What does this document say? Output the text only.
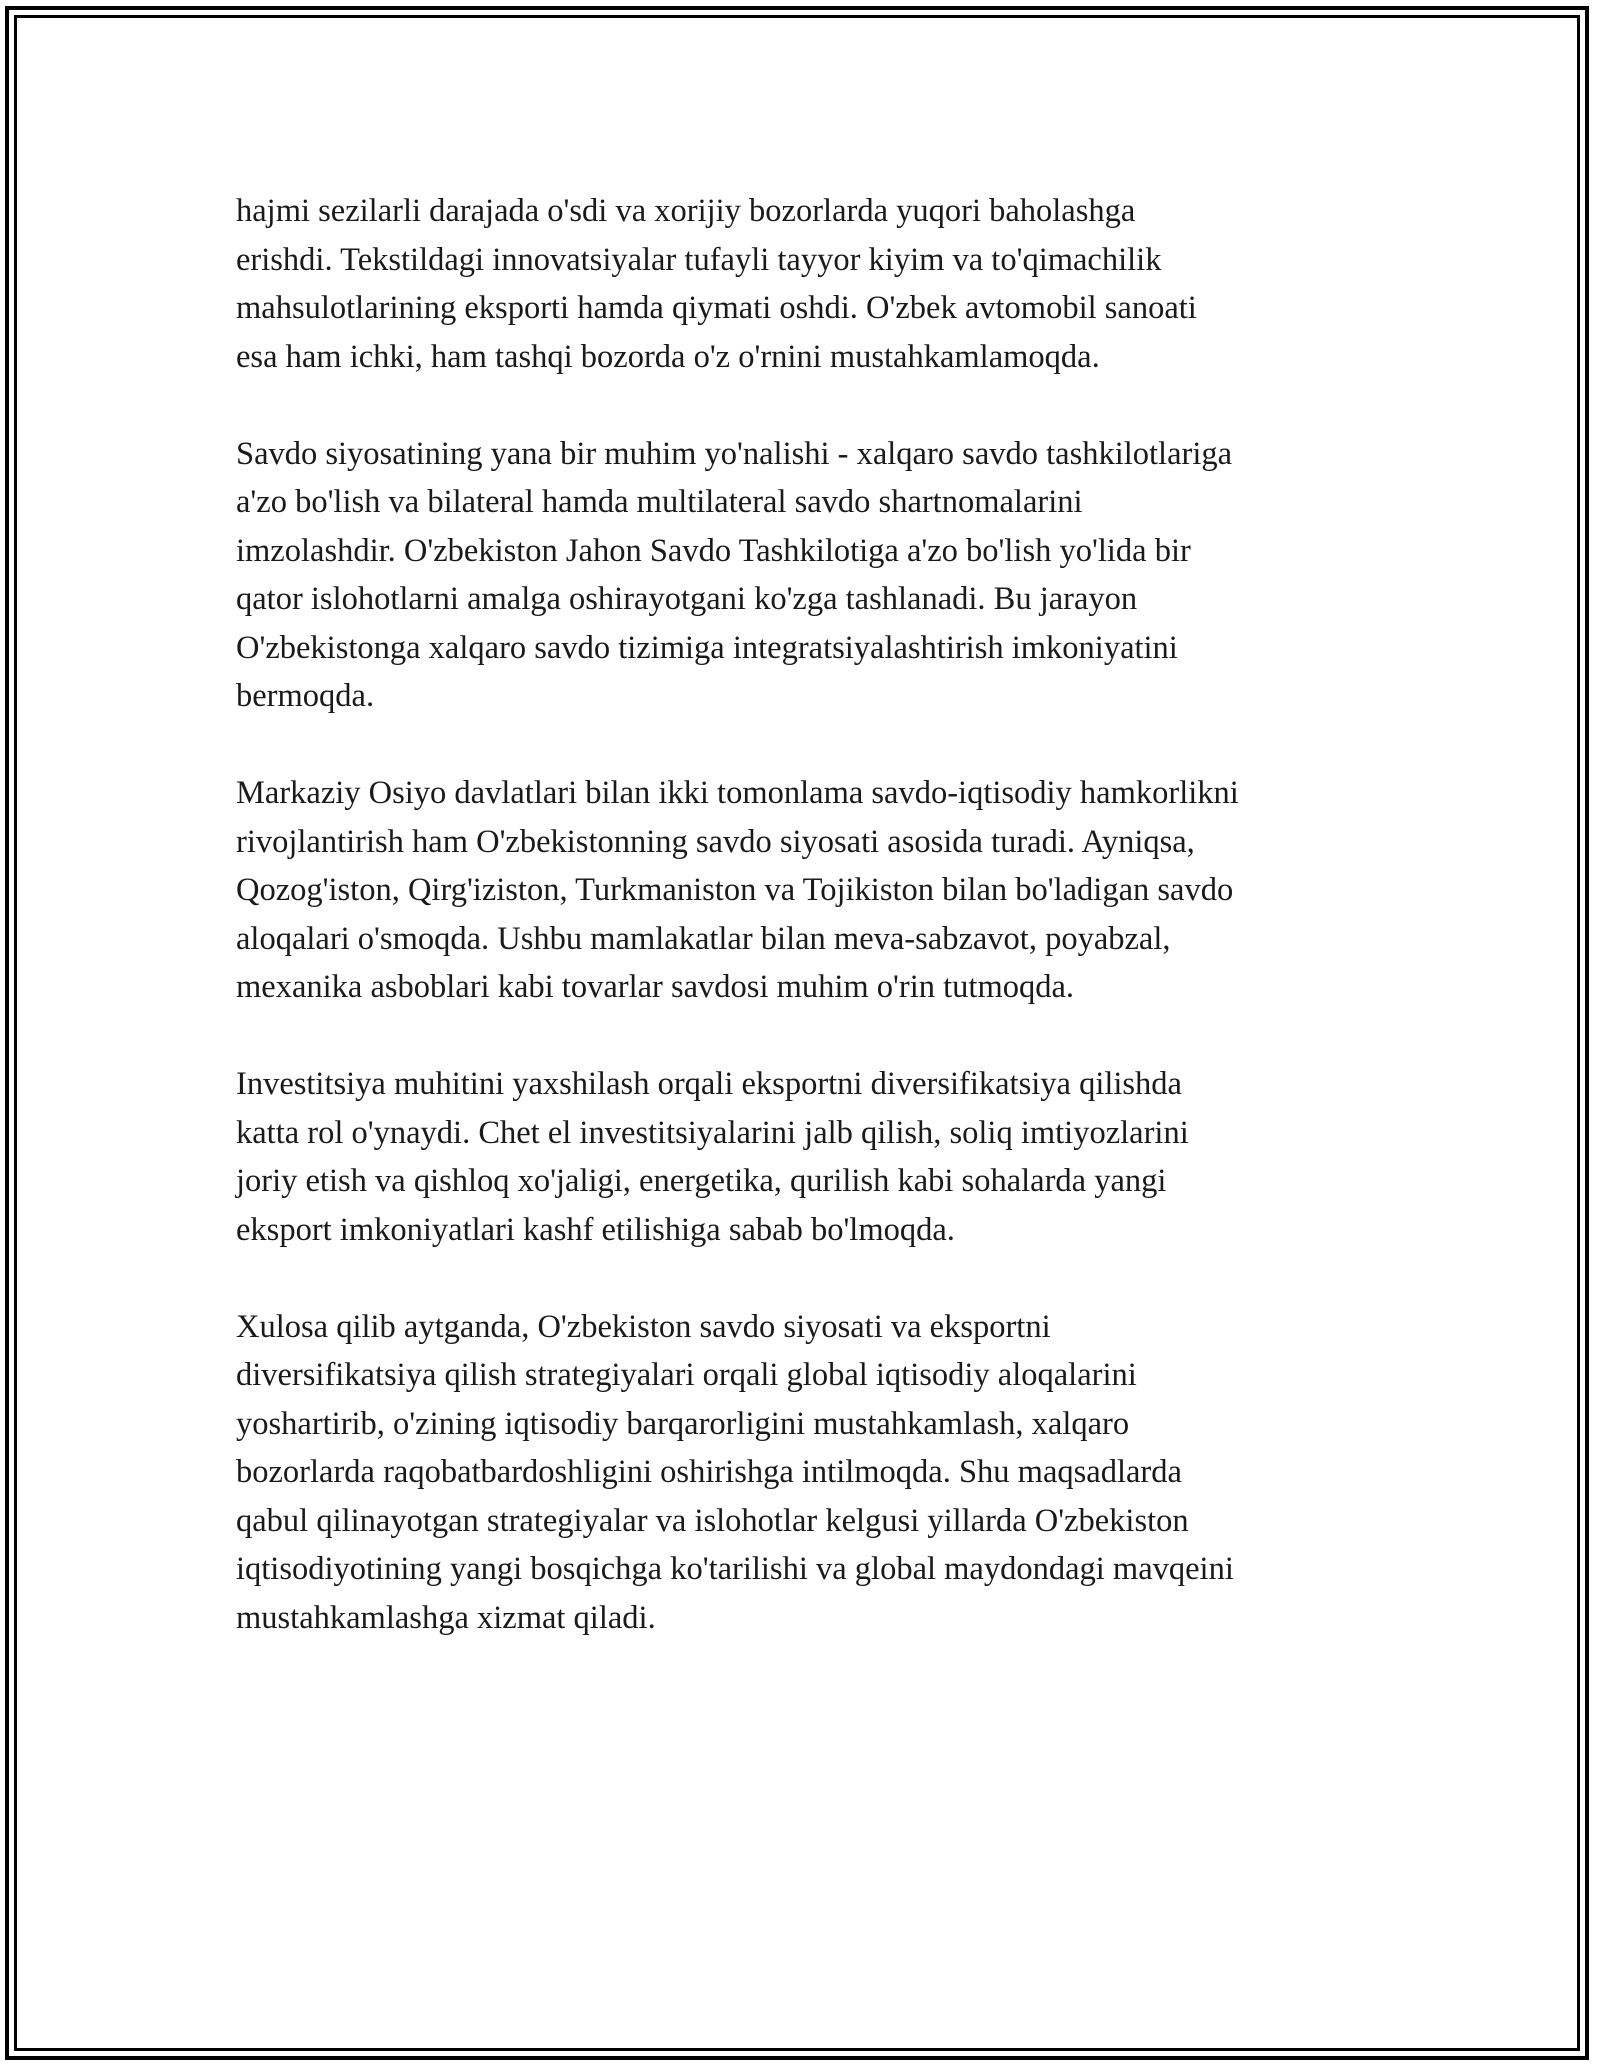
hajmi sezilarli darajada o'sdi va xorijiy bozorlarda yuqori baholashga
erishdi. Tekstildagi innovatsiyalar tufayli tayyor kiyim va to'qimachilik
mahsulotlarining eksporti hamda qiymati oshdi. O'zbek avtomobil sanoati
esa ham ichki, ham tashqi bozorda o'z o'rnini mustahkamlamoqda.

Savdo siyosatining yana bir muhim yo'nalishi - xalqaro savdo tashkilotlariga
a'zo bo'lish va bilateral hamda multilateral savdo shartnomalarini
imzolashdir. O'zbekiston Jahon Savdo Tashkilotiga a'zo bo'lish yo'lida bir
qator islohotlarni amalga oshirayotgani ko'zga tashlanadi. Bu jarayon
O'zbekistonga xalqaro savdo tizimiga integratsiyalashtirish imkoniyatini
bermoqda.

Markaziy Osiyo davlatlari bilan ikki tomonlama savdo-iqtisodiy hamkorlikni
rivojlantirish ham O'zbekistonning savdo siyosati asosida turadi. Ayniqsa,
Qozog'iston, Qirg'iziston, Turkmaniston va Tojikiston bilan bo'ladigan savdo
aloqalari o'smoqda. Ushbu mamlakatlar bilan meva-sabzavot, poyabzal,
mexanika asboblari kabi tovarlar savdosi muhim o'rin tutmoqda.

Investitsiya muhitini yaxshilash orqali eksportni diversifikatsiya qilishda
katta rol o'ynaydi. Chet el investitsiyalarini jalb qilish, soliq imtiyozlarini
joriy etish va qishloq xo'jaligi, energetika, qurilish kabi sohalarda yangi
eksport imkoniyatlari kashf etilishiga sabab bo'lmoqda.

Xulosa qilib aytganda, O'zbekiston savdo siyosati va eksportni
diversifikatsiya qilish strategiyalari orqali global iqtisodiy aloqalarini
yoshartirib, o'zining iqtisodiy barqarorligini mustahkamlash, xalqaro
bozorlarda raqobatbardoshligini oshirishga intilmoqda. Shu maqsadlarda
qabul qilinayotgan strategiyalar va islohotlar kelgusi yillarda O'zbekiston
iqtisodiyotining yangi bosqichga ko'tarilishi va global maydondagi mavqeini
mustahkamlashga xizmat qiladi.
